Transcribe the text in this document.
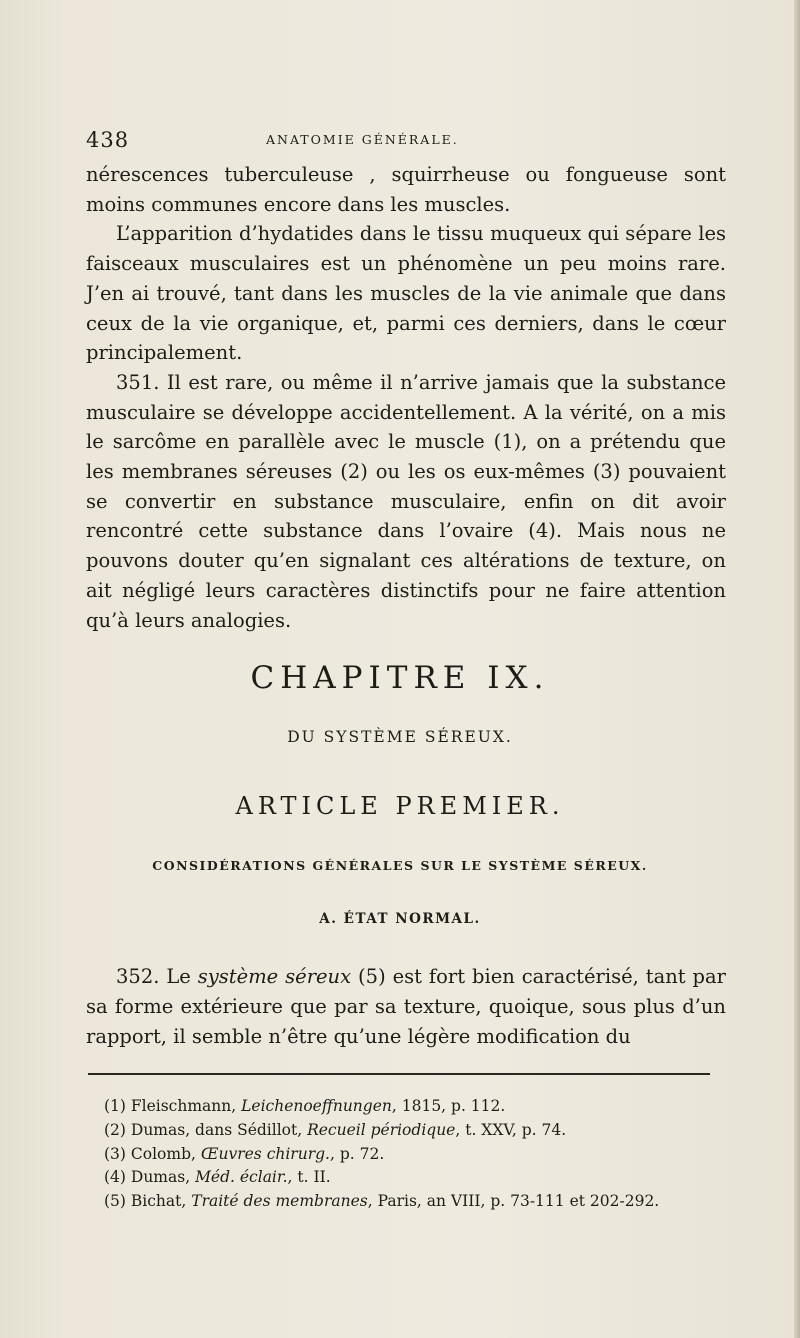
438	ANATOMIE GÉNÉRALE.

nérescences tuberculeuse , squirrheuse ou fongueuse sont moins communes encore dans les muscles.

L’apparition d’hydatides dans le tissu muqueux qui sépare les faisceaux musculaires est un phénomène un peu moins rare. J’en ai trouvé, tant dans les muscles de la vie animale que dans ceux de la vie organique, et, parmi ces derniers, dans le cœur principalement.

351. Il est rare, ou même il n’arrive jamais que la substance musculaire se développe accidentellement. A la vérité, on a mis le sarcôme en parallèle avec le muscle (1), on a prétendu que les membranes séreuses (2) ou les os eux-mêmes (3) pouvaient se convertir en substance musculaire, enfin on dit avoir rencontré cette substance dans l’ovaire (4). Mais nous ne pouvons douter qu’en signalant ces altérations de texture, on ait négligé leurs caractères distinctifs pour ne faire attention qu’à leurs analogies.

CHAPITRE IX.
DU SYSTÈME SÉREUX.
ARTICLE PREMIER.
CONSIDÉRATIONS GÉNÉRALES SUR LE SYSTÈME SÉREUX.
A. ÉTAT NORMAL.

352. Le système séreux (5) est fort bien caractérisé, tant par sa forme extérieure que par sa texture, quoique, sous plus d’un rapport, il semble n’être qu’une légère modification du

(1) Fleischmann, Leichenoeffnungen, 1815, p. 112.
(2) Dumas, dans Sédillot, Recueil périodique, t. XXV, p. 74.
(3) Colomb, Œuvres chirurg., p. 72.
(4) Dumas, Méd. éclair., t. II.
(5) Bichat, Traité des membranes, Paris, an VIII, p. 73-111 et 202-292.
